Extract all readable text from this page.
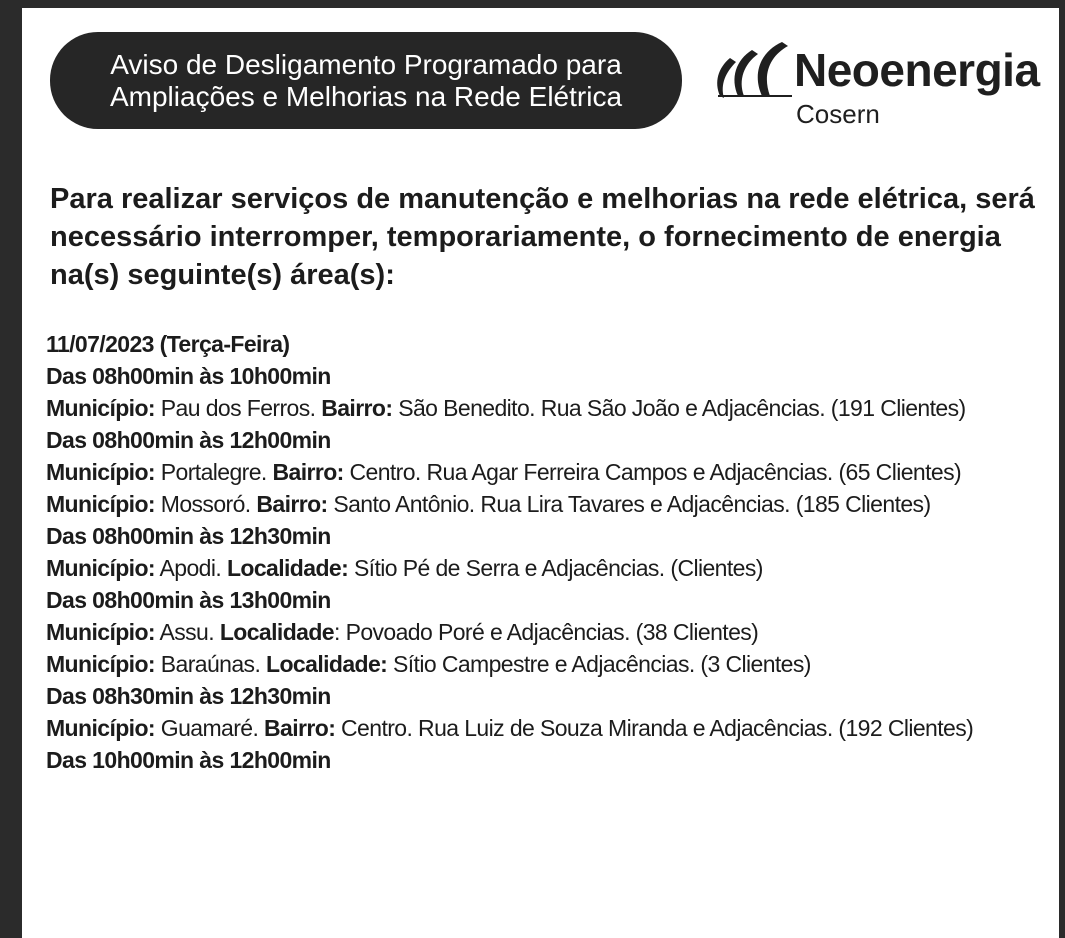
Aviso de Desligamento Programado para
Ampliações e Melhorias na Rede Elétrica	Neoenergia
Cosern
Para realizar serviços de manutenção e melhorias na rede elétrica, será necessário interromper, temporariamente, o fornecimento de energia na(s) seguinte(s) área(s):

11/07/2023 (Terça-Feira)

Das 08h00min às 10h00min

Município: Pau dos Ferros. Bairro: São Benedito. Rua São João e Adjacências. (191 Clientes)

Das 08h00min às 12h00min

Município: Portalegre. Bairro: Centro. Rua Agar Ferreira Campos e Adjacências. (65 Clientes)

Município: Mossoró. Bairro: Santo Antônio. Rua Lira Tavares e Adjacências. (185 Clientes)

Das 08h00min às 12h30min

Município: Apodi. Localidade: Sítio Pé de Serra e Adjacências. (Clientes)

Das 08h00min às 13h00min

Município: Assu. Localidade: Povoado Poré e Adjacências. (38 Clientes)

Município: Baraúnas. Localidade: Sítio Campestre e Adjacências. (3 Clientes)

Das 08h30min às 12h30min

Município: Guamaré. Bairro: Centro. Rua Luiz de Souza Miranda e Adjacências. (192 Clientes)

Das 10h00min às 12h00min
